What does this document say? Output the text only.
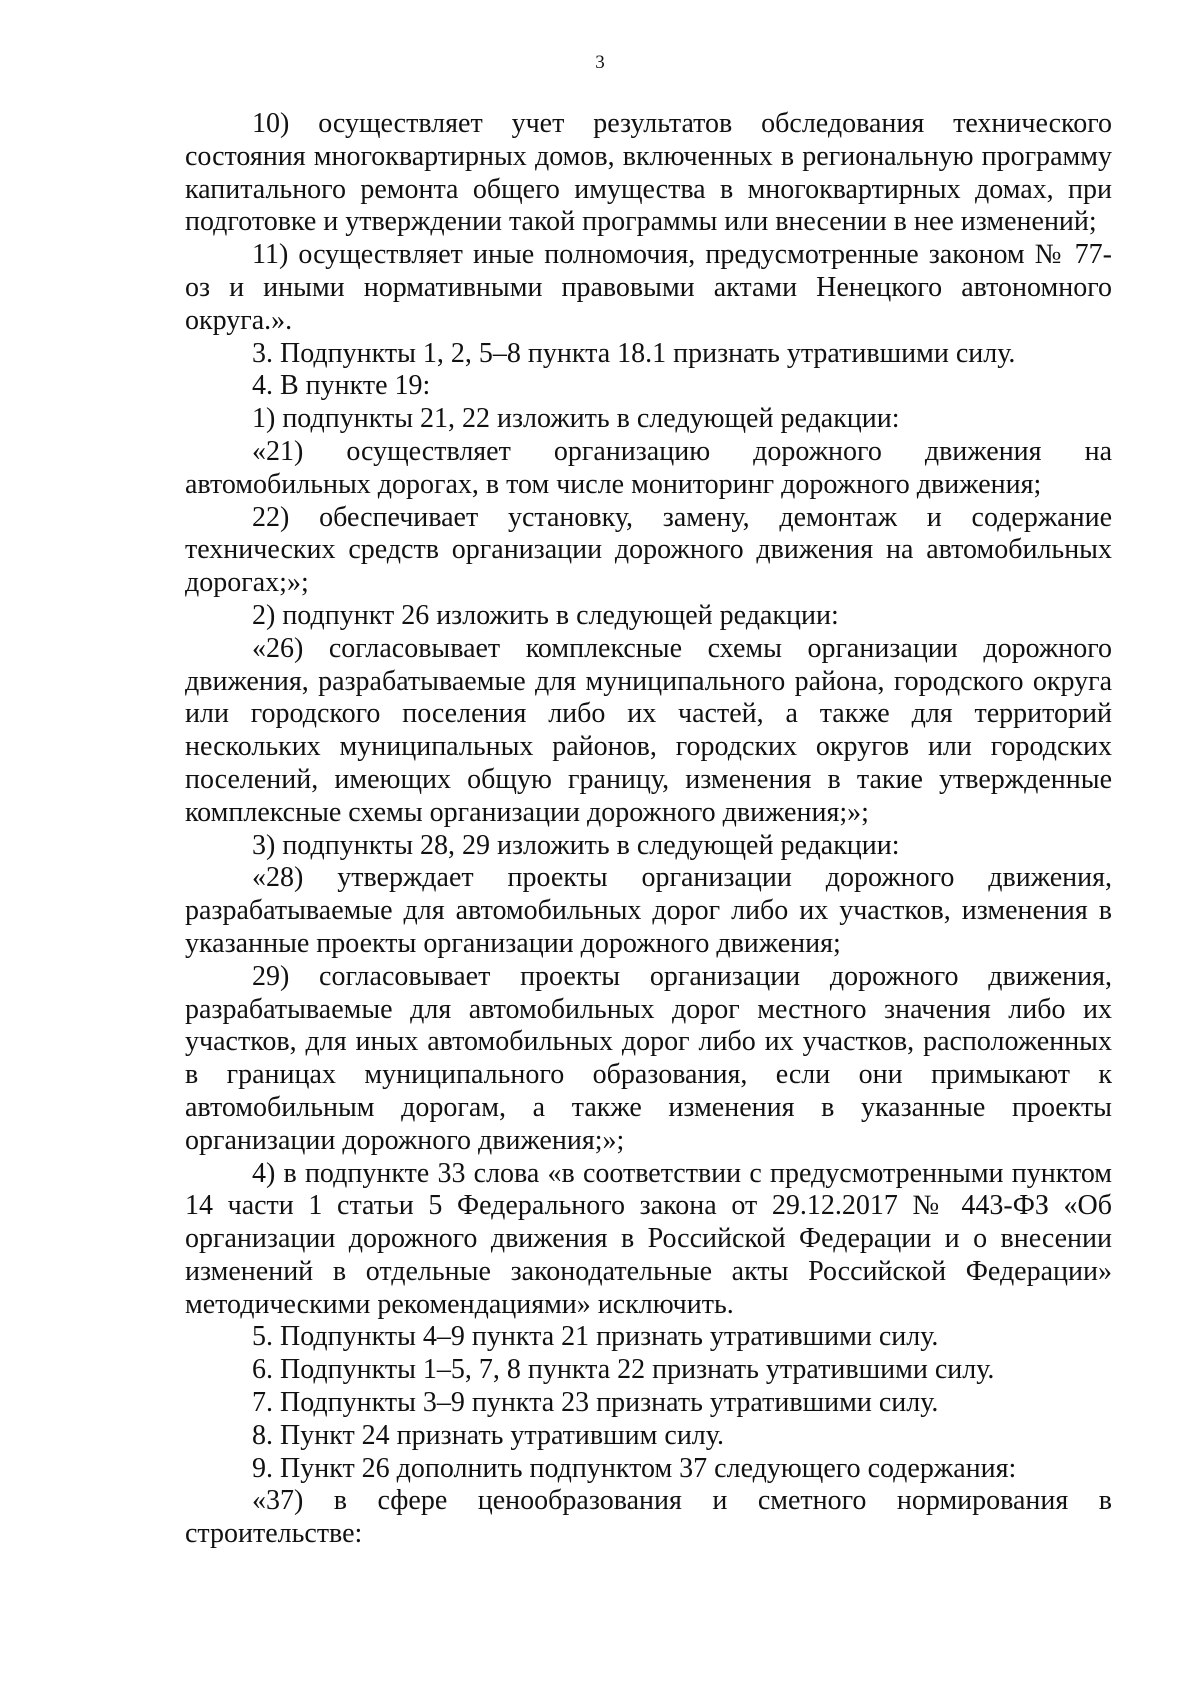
3

10) осуществляет учет результатов обследования технического состояния многоквартирных домов, включенных в региональную программу капитального ремонта общего имущества в многоквартирных домах, при подготовке и утверждении такой программы или внесении в нее изменений;

11) осуществляет иные полномочия, предусмотренные законом № 77-оз и иными нормативными правовыми актами Ненецкого автономного округа.».

3. Подпункты 1, 2, 5–8 пункта 18.1 признать утратившими силу.

4. В пункте 19:

1) подпункты 21, 22 изложить в следующей редакции:

«21) осуществляет организацию дорожного движения на автомобильных дорогах, в том числе мониторинг дорожного движения;

22) обеспечивает установку, замену, демонтаж и содержание технических средств организации дорожного движения на автомобильных дорогах;»;

2) подпункт 26 изложить в следующей редакции:

«26) согласовывает комплексные схемы организации дорожного движения, разрабатываемые для муниципального района, городского округа или городского поселения либо их частей, а также для территорий нескольких муниципальных районов, городских округов или городских поселений, имеющих общую границу, изменения в такие утвержденные комплексные схемы организации дорожного движения;»;

3) подпункты 28, 29 изложить в следующей редакции:

«28) утверждает проекты организации дорожного движения, разрабатываемые для автомобильных дорог либо их участков, изменения в указанные проекты организации дорожного движения;

29) согласовывает проекты организации дорожного движения, разрабатываемые для автомобильных дорог местного значения либо их участков, для иных автомобильных дорог либо их участков, расположенных в границах муниципального образования, если они примыкают к автомобильным дорогам, а также изменения в указанные проекты организации дорожного движения;»;

4) в подпункте 33 слова «в соответствии с предусмотренными пунктом 14 части 1 статьи 5 Федерального закона от 29.12.2017 № 443-ФЗ «Об организации дорожного движения в Российской Федерации и о внесении изменений в отдельные законодательные акты Российской Федерации» методическими рекомендациями» исключить.

5. Подпункты 4–9 пункта 21 признать утратившими силу.

6. Подпункты 1–5, 7, 8 пункта 22 признать утратившими силу.

7. Подпункты 3–9 пункта 23 признать утратившими силу.

8. Пункт 24 признать утратившим силу.

9. Пункт 26 дополнить подпунктом 37 следующего содержания:

«37) в сфере ценообразования и сметного нормирования в строительстве:
